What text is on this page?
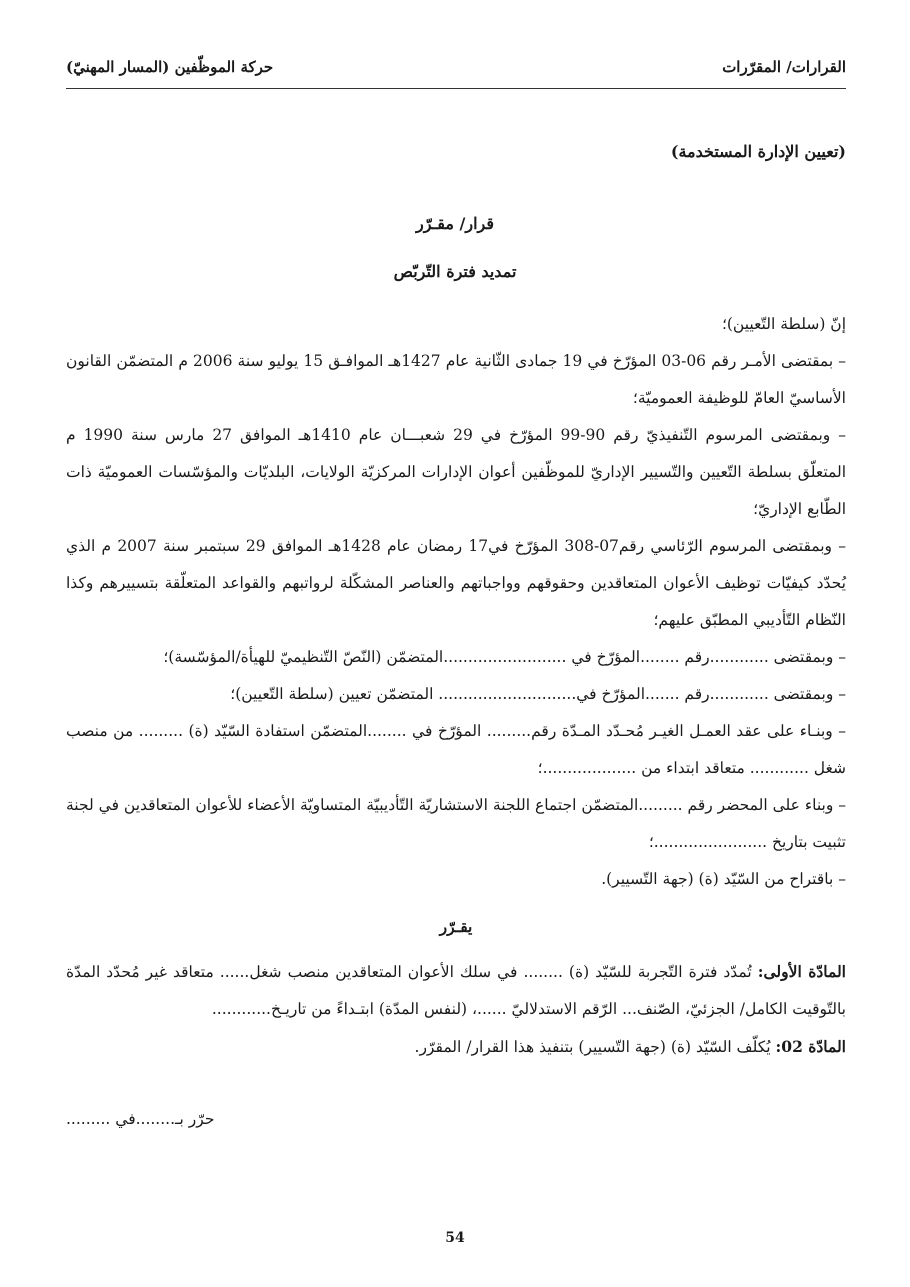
القرارات/ المقرّرات
حركة الموظّفين (المسار المهنيّ)
(تعيين الإدارة المستخدمة)
قرار/ مقـرّر
تمديد فترة التّربّص

إنّ (سلطة التّعيين)؛

– بمقتضى الأمـر رقم 06-03 المؤرّخ في 19 جمادى الثّانية عام 1427هـ الموافـق 15 يوليو سنة 2006 م المتضمّن القانون الأساسيّ العامّ للوظيفة العموميّة؛

– وبمقتضى المرسوم التّنفيذيّ رقم 90-99 المؤرّخ في 29 شعبـــان عام 1410هـ الموافق 27 مارس سنة 1990 م المتعلّق بسلطة التّعيين والتّسيير الإداريّ للموظّفين أعوان الإدارات المركزيّة الولايات، البلديّات والمؤسّسات العموميّة ذات الطّابع الإداريّ؛

– وبمقتضى المرسوم الرّئاسي رقم07-308 المؤرّخ في17 رمضان عام 1428هـ الموافق 29 سبتمبر سنة 2007 م الذي يُحدّد كيفيّات توظيف الأعوان المتعاقدين وحقوقهم وواجباتهم والعناصر المشكّلة لرواتبهم والقواعد المتعلّقة بتسييرهم وكذا النّظام التّأديبي المطبّق عليهم؛

– وبمقتضى ............رقم ........المؤرّخ في .........................المتضمّن (النّصّ التّنظيميّ للهيأة/المؤسّسة)؛

– وبمقتضى ............رقم .......المؤرّخ في............................ المتضمّن تعيين (سلطة التّعيين)؛

– وبنـاء على عقد العمـل الغيـر مُحـدّد المـدّة رقم......... المؤرّخ في ........المتضمّن استفادة السّيّد (ة) ......... من منصب شغل ............ متعاقد ابتداء من ...................؛

– وبناء على المحضر رقم .........المتضمّن اجتماع اللجنة الاستشاريّة التّأديبيّة المتساويّة الأعضاء للأعوان المتعاقدين في لجنة تثبيت بتاريخ .......................؛

– باقتراح من السّيّد (ة) (جهة التّسيير).

يقـرّر

المادّة الأولى: تُمدّد فترة التّجربة للسّيّد (ة) ........ في سلك الأعوان المتعاقدين منصب شغل...... متعاقد غير مُحدّد المدّة بالتّوقيت الكامل/ الجزئيّ، الصّنف... الرّقم الاستدلاليّ ......، (لنفس المدّة) ابتـداءً من تاريـخ............

المادّة 02: يُكلّف السّيّد (ة) (جهة التّسيير) بتنفيذ هذا القرار/ المقرّر.

حرّر بـ........في .........
54
